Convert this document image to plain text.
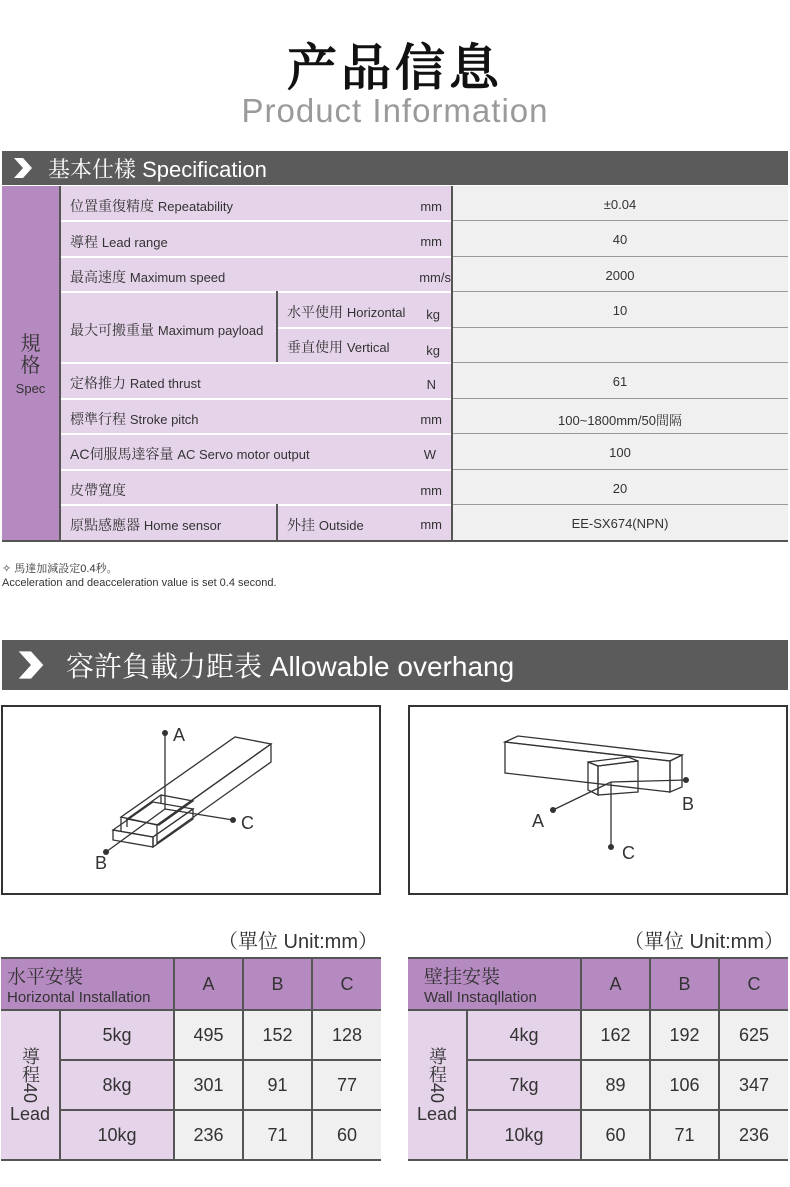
产品信息
Product Information
基本仕樣 Specification
規
格
Spec
位置重復精度 Repeatability	mm	±0.04
導程 Lead range	mm	40
最高速度 Maximum speed	mm/s	2000
最大可搬重量 Maximum payload
水平使用 Horizontal	kg	10
垂直使用 Vertical	kg
定格推力 Rated thrust	N	61
標準行程 Stroke pitch	mm	100~1800mm/50間隔
AC伺服馬達容量 AC Servo motor output	W	100
皮帶寬度	mm	20
原點感應器 Home sensor	外挂 Outside	mm	EE-SX674(NPN)
✧ 馬達加減設定0.4秒。
Acceleration and deacceleration value is set 0.4 second.
容許負載力距表 Allowable overhang
A
C
B
A
B
C
（單位 Unit:mm）	（單位 Unit:mm）
水平安裝
Horizontal Installation
A	B	C
導程40
Lead
5kg	495	152	128
8kg	301	91	77
10kg	236	71	60
壁挂安裝
Wall Instaqllation
A	B	C
導程40
Lead
4kg	162	192	625
7kg	89	106	347
10kg	60	71	236
